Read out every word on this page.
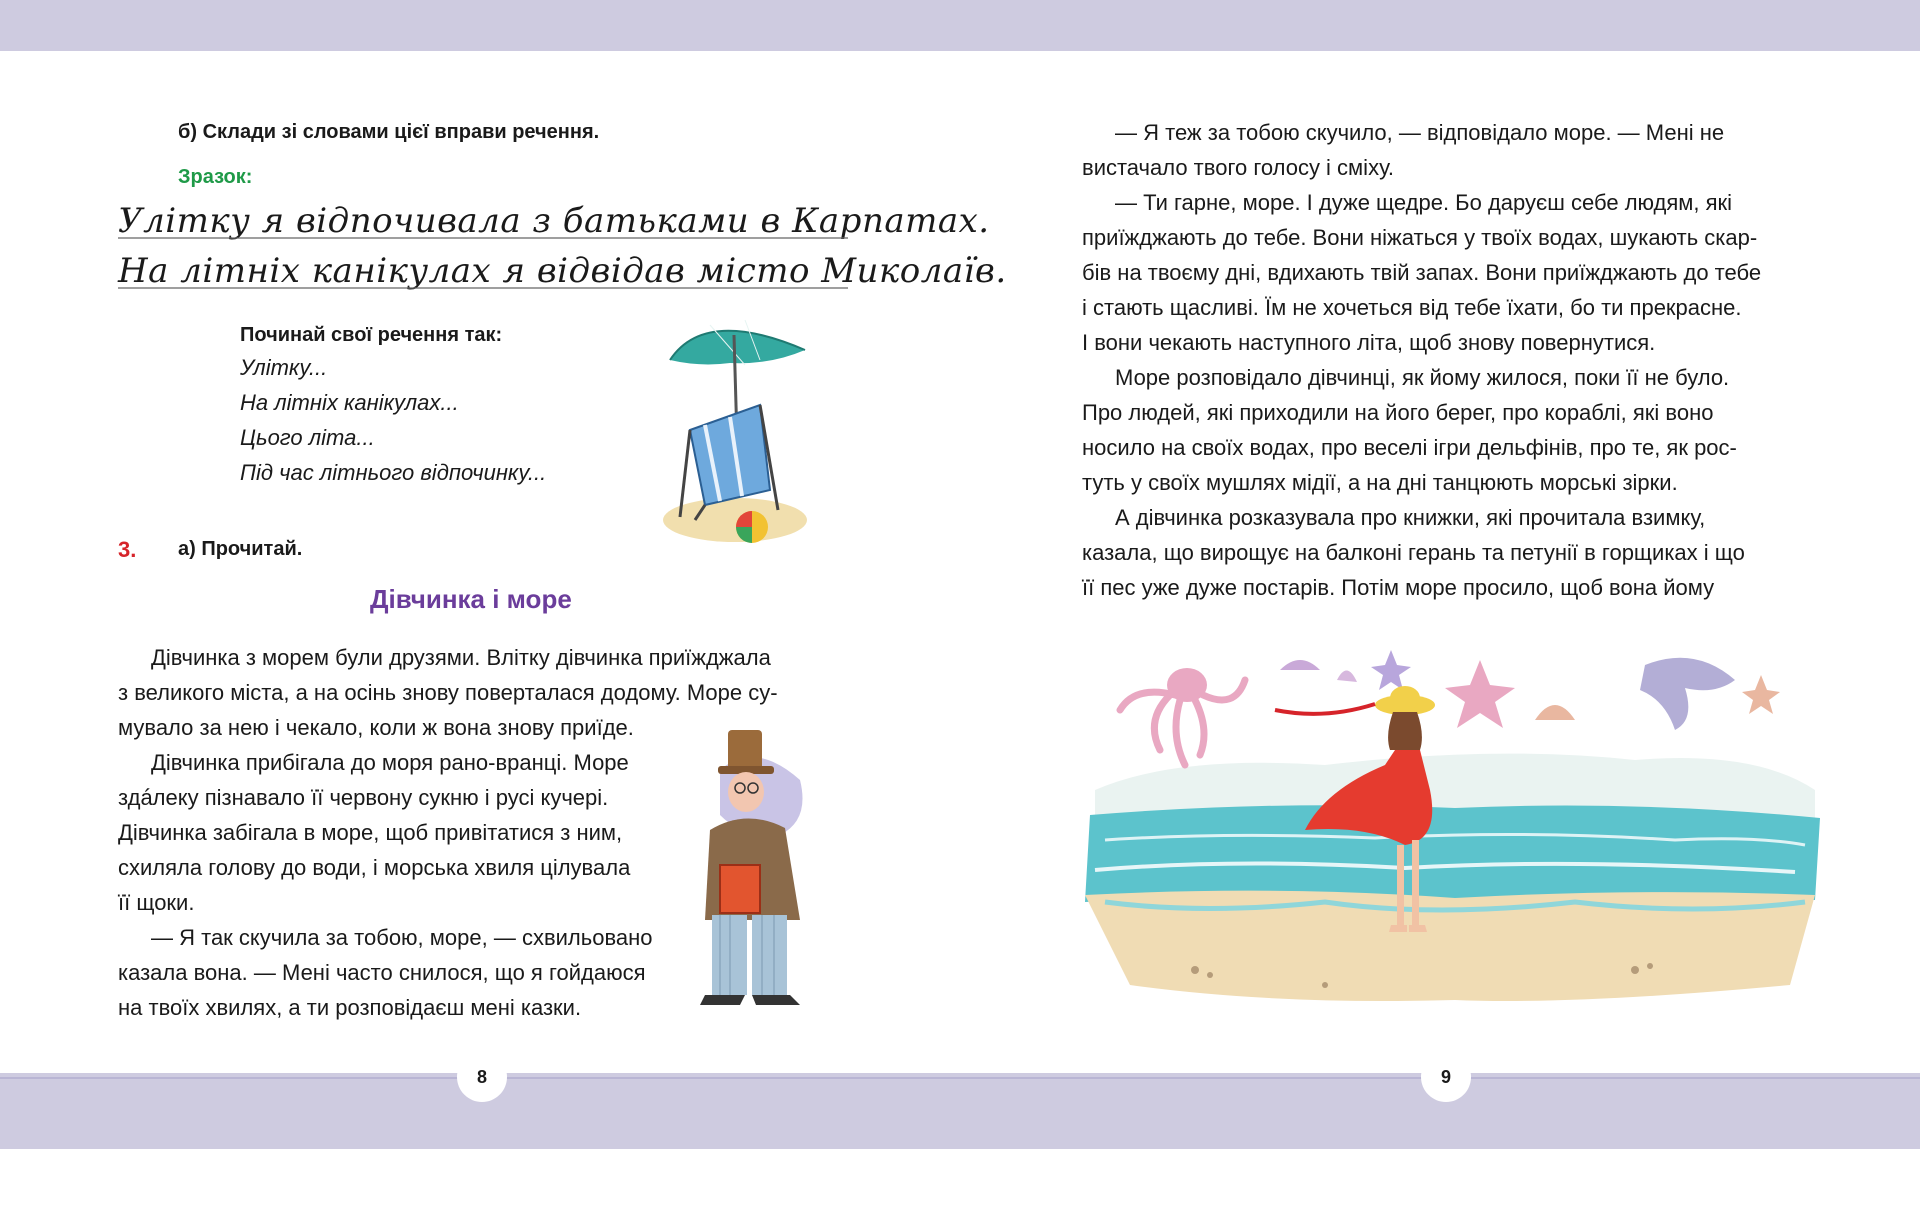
б) Склади зі словами цієї вправи речення.

Зразок:

Улітку я відпочивала з батьками в Карпатах.
На літніх канікулах я відвідав місто Миколаїв.

Починай свої речення так:

Улітку...

На літніх канікулах...

Цього літа...

Під час літнього відпочинку...

3. а) Прочитай.

Дівчинка і море

Дівчинка з морем були друзями. Влітку дівчинка приїжджала

з великого міста, а на осінь знову поверталася додому. Море су-

мувало за нею і чекало, коли ж вона знову приїде.

Дівчинка прибігала до моря рано-вранці. Море

здáлеку пізнавало її червону сукню і русі кучері.

Дівчинка забігала в море, щоб привітатися з ним,

схиляла голову до води, і морська хвиля цілувала

її щоки.

— Я так скучила за тобою, море, — схвильовано

казала вона. — Мені часто снилося, що я гойдаюся

на твоїх хвилях, а ти розповідаєш мені казки.

8

— Я теж за тобою скучило, — відповідало море. — Мені не

вистачало твого голосу і сміху.

— Ти гарне, море. І дуже щедре. Бо даруєш себе людям, які

приїжджають до тебе. Вони ніжаться у твоїх водах, шукають скар-

бів на твоєму дні, вдихають твій запах. Вони приїжджають до тебе

і стають щасливі. Їм не хочеться від тебе їхати, бо ти прекрасне.

І вони чекають наступного літа, щоб знову повернутися.

Море розповідало дівчинці, як йому жилося, поки її не було.

Про людей, які приходили на його берег, про кораблі, які воно

носило на своїх водах, про веселі ігри дельфінів, про те, як рос-

туть у своїх мушлях мідії, а на дні танцюють морські зірки.

А дівчинка розказувала про книжки, які прочитала взимку,

казала, що вирощує на балконі герань та петунії в горщиках і що

її пес уже дуже постарів. Потім море просило, щоб вона йому

9
